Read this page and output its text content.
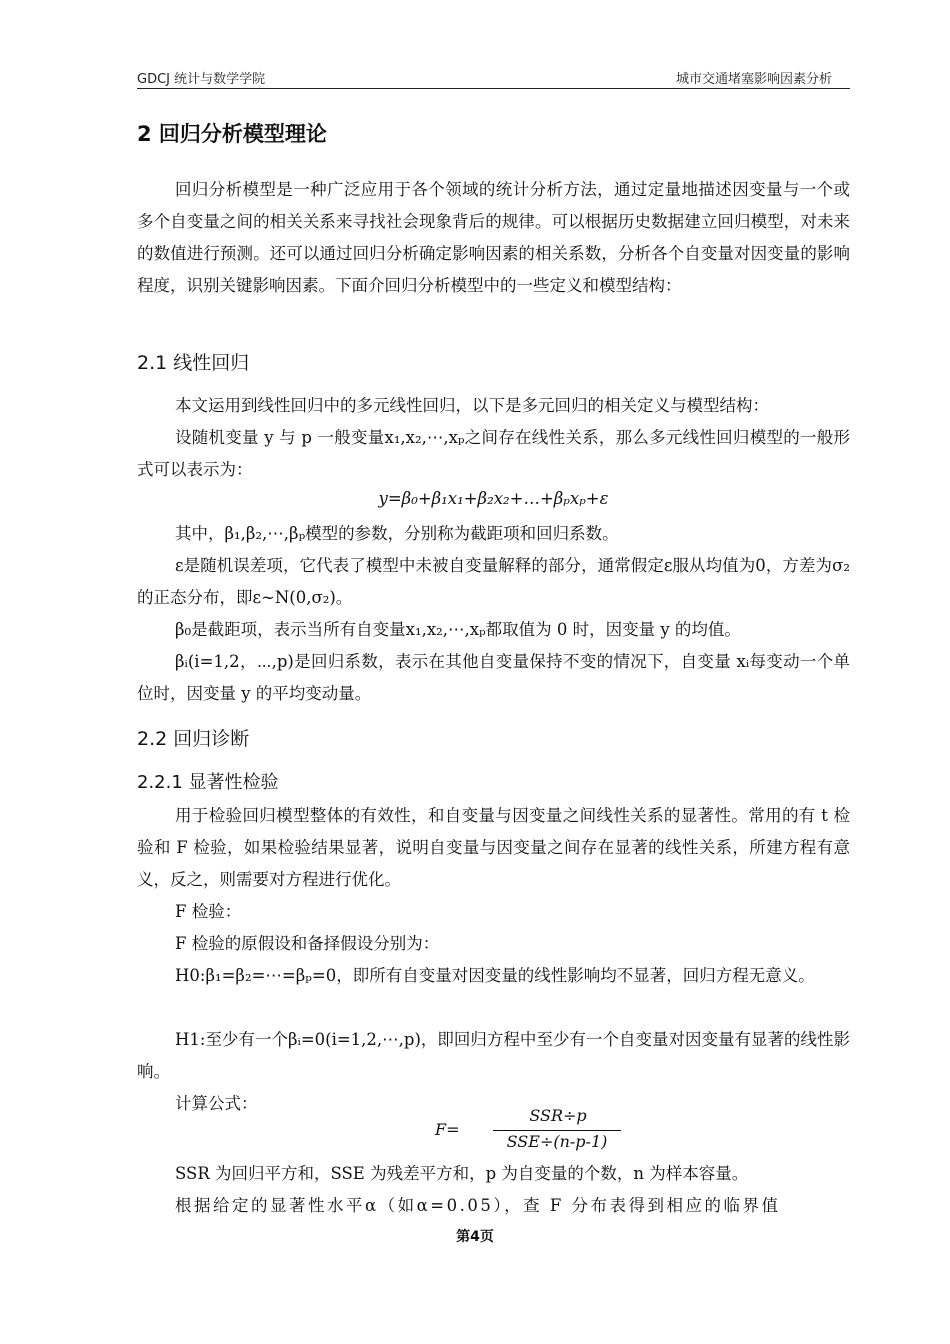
GDCJ 统计与数学学院	城市交通堵塞影响因素分析
2 回归分析模型理论

回归分析模型是一种广泛应用于各个领域的统计分析方法，通过定量地描述因变量与一个或多个自变量之间的相关关系来寻找社会现象背后的规律。可以根据历史数据建立回归模型，对未来的数值进行预测。还可以通过回归分析确定影响因素的相关系数，分析各个自变量对因变量的影响程度，识别关键影响因素。下面介回归分析模型中的一些定义和模型结构：

2.1 线性回归

本文运用到线性回归中的多元线性回归，以下是多元回归的相关定义与模型结构：

设随机变量 y 与 p 一般变量x₁,x₂,⋯,xₚ之间存在线性关系，那么多元线性回归模型的一般形式可以表示为：

y=β₀+β₁x₁+β₂x₂+…+βₚxₚ+ε

其中，β₁,β₂,⋯,βₚ模型的参数，分别称为截距项和回归系数。

ε是随机误差项，它代表了模型中未被自变量解释的部分，通常假定ε服从均值为0，方差为σ₂的正态分布，即ε∼N(0,σ₂)。

β₀是截距项，表示当所有自变量x₁,x₂,⋯,xₚ都取值为 0 时，因变量 y 的均值。

βᵢ(i=1,2，⋯,p)是回归系数，表示在其他自变量保持不变的情况下，自变量 xᵢ每变动一个单位时，因变量 y 的平均变动量。

2.2 回归诊断
2.2.1 显著性检验

用于检验回归模型整体的有效性，和自变量与因变量之间线性关系的显著性。常用的有 t 检验和 F 检验，如果检验结果显著，说明自变量与因变量之间存在显著的线性关系，所建方程有意义，反之，则需要对方程进行优化。

F 检验：

F 检验的原假设和备择假设分别为：

H0:β₁=β₂=⋯=βₚ=0，即所有自变量对因变量的线性影响均不显著，回归方程无意义。

H1:至少有一个βᵢ=0(i=1,2,⋯,p)，即回归方程中至少有一个自变量对因变量有显著的线性影响。

计算公式：

F=
SSR÷p
SSE÷(n-p-1)

SSR 为回归平方和，SSE 为残差平方和，p 为自变量的个数，n 为样本容量。

根据给定的显著性水平α（如α=0.05），查 F 分布表得到相应的临界值

第4页
